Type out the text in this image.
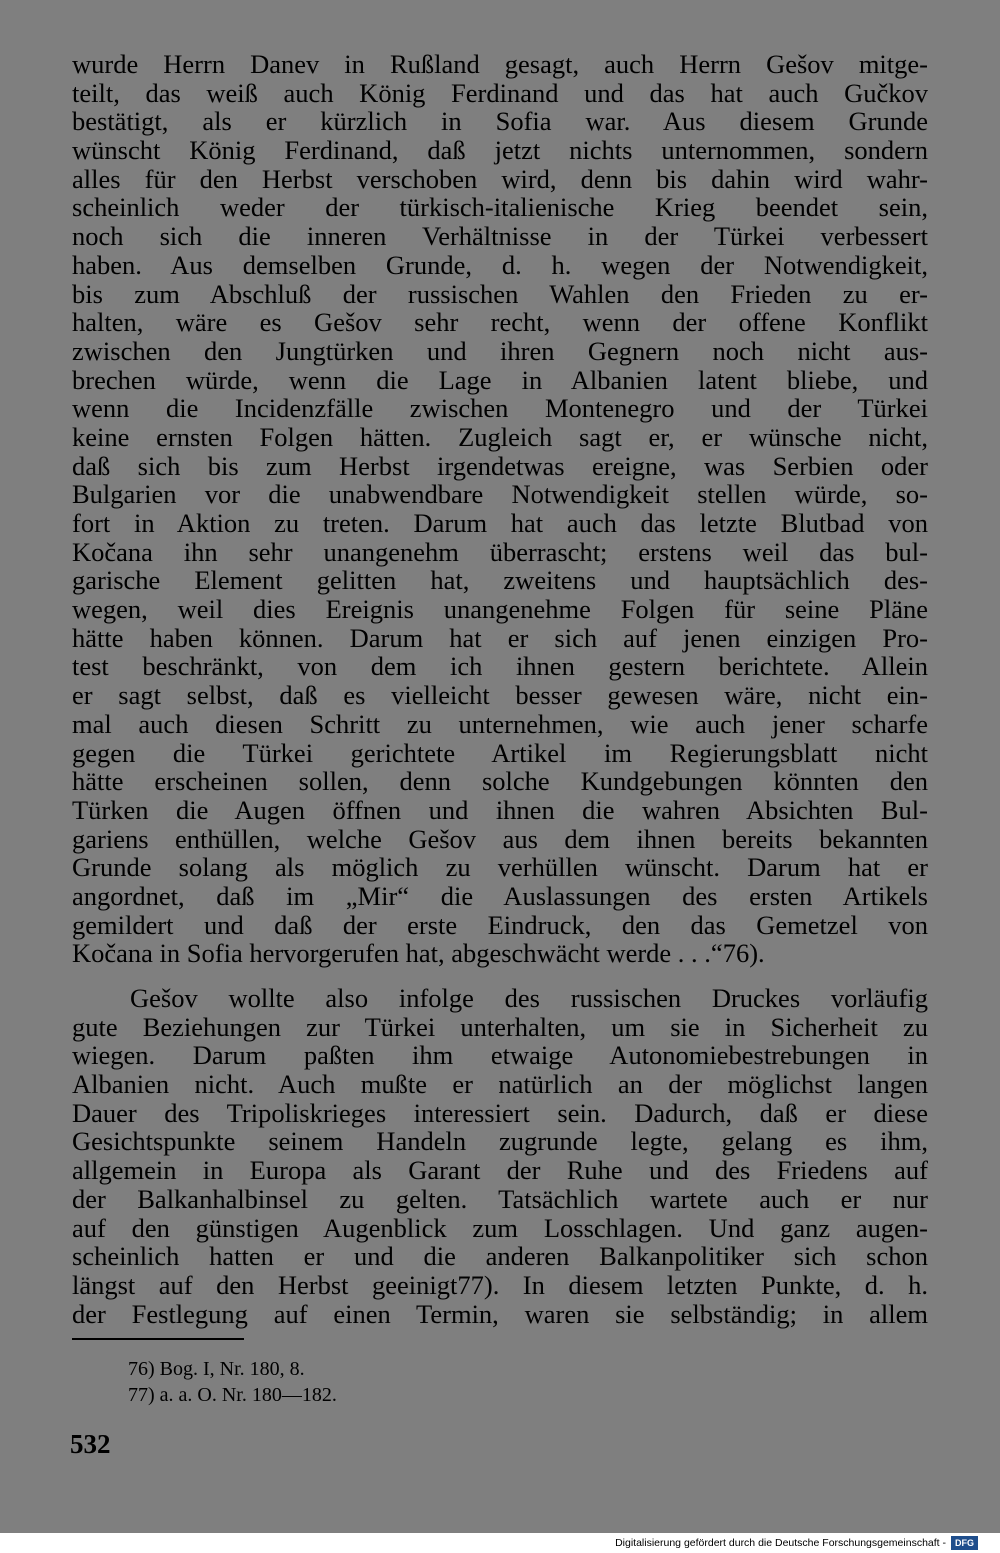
wurde Herrn Danev in Rußland gesagt, auch Herrn Gešov mitge-
teilt, das weiß auch König Ferdinand und das hat auch Gučkov
bestätigt, als er kürzlich in Sofia war. Aus diesem Grunde
wünscht König Ferdinand, daß jetzt nichts unternommen, sondern
alles für den Herbst verschoben wird, denn bis dahin wird wahr-
scheinlich weder der türkisch-italienische Krieg beendet sein,
noch sich die inneren Verhältnisse in der Türkei verbessert
haben. Aus demselben Grunde, d. h. wegen der Notwendigkeit,
bis zum Abschluß der russischen Wahlen den Frieden zu er-
halten, wäre es Gešov sehr recht, wenn der offene Konflikt
zwischen den Jungtürken und ihren Gegnern noch nicht aus-
brechen würde, wenn die Lage in Albanien latent bliebe, und
wenn die Incidenzfälle zwischen Montenegro und der Türkei
keine ernsten Folgen hätten. Zugleich sagt er, er wünsche nicht,
daß sich bis zum Herbst irgendetwas ereigne, was Serbien oder
Bulgarien vor die unabwendbare Notwendigkeit stellen würde, so-
fort in Aktion zu treten. Darum hat auch das letzte Blutbad von
Kočana ihn sehr unangenehm überrascht; erstens weil das bul-
garische Element gelitten hat, zweitens und hauptsächlich des-
wegen, weil dies Ereignis unangenehme Folgen für seine Pläne
hätte haben können. Darum hat er sich auf jenen einzigen Pro-
test beschränkt, von dem ich ihnen gestern berichtete. Allein
er sagt selbst, daß es vielleicht besser gewesen wäre, nicht ein-
mal auch diesen Schritt zu unternehmen, wie auch jener scharfe
gegen die Türkei gerichtete Artikel im Regierungsblatt nicht
hätte erscheinen sollen, denn solche Kundgebungen könnten den
Türken die Augen öffnen und ihnen die wahren Absichten Bul-
gariens enthüllen, welche Gešov aus dem ihnen bereits bekannten
Grunde solang als möglich zu verhüllen wünscht. Darum hat er
angordnet, daß im „Mir“ die Auslassungen des ersten Artikels
gemildert und daß der erste Eindruck, den das Gemetzel von
Kočana in Sofia hervorgerufen hat, abgeschwächt werde . . .“76).
Gešov wollte also infolge des russischen Druckes vorläufig
gute Beziehungen zur Türkei unterhalten, um sie in Sicherheit zu
wiegen. Darum paßten ihm etwaige Autonomiebestrebungen in
Albanien nicht. Auch mußte er natürlich an der möglichst langen
Dauer des Tripoliskrieges interessiert sein. Dadurch, daß er diese
Gesichtspunkte seinem Handeln zugrunde legte, gelang es ihm,
allgemein in Europa als Garant der Ruhe und des Friedens auf
der Balkanhalbinsel zu gelten. Tatsächlich wartete auch er nur
auf den günstigen Augenblick zum Losschlagen. Und ganz augen-
scheinlich hatten er und die anderen Balkanpolitiker sich schon
längst auf den Herbst geeinigt77). In diesem letzten Punkte, d. h.
der Festlegung auf einen Termin, waren sie selbständig; in allem
76) Bog. I, Nr. 180, 8.
77) a. a. O. Nr. 180—182.
532
Digitalisierung gefördert durch die Deutsche Forschungsgemeinschaft -	DFG
